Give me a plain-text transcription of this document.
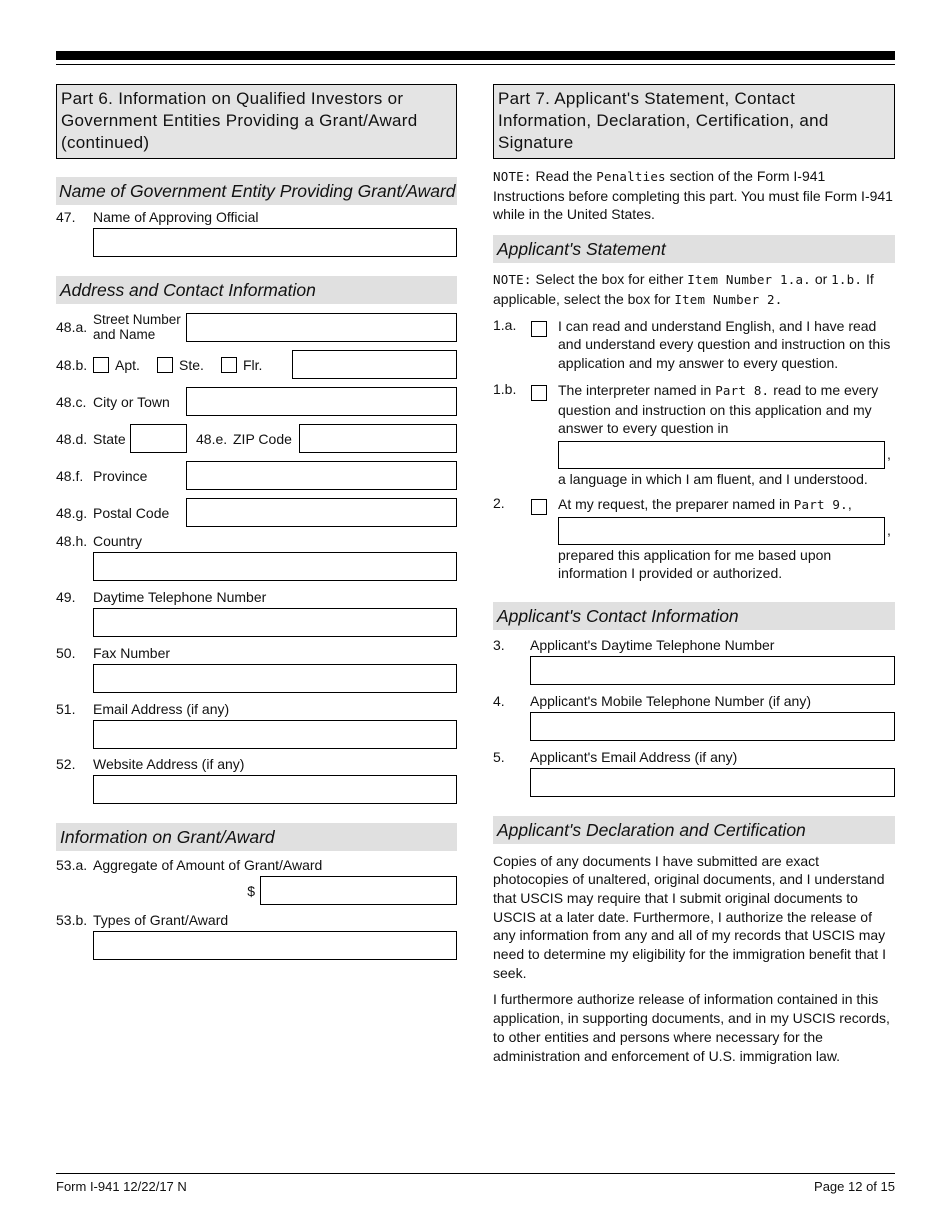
Part 6. Information on Qualified Investors or Government Entities Providing a Grant/Award (continued)
Name of Government Entity Providing Grant/Award
47.	Name of Approving Official
Address and Contact Information
48.a. Street Number
and Name
48.b.	Apt.	Ste.	Flr.
48.c. City or Town
48.d. State	48.e. ZIP Code
48.f. Province
48.g. Postal Code
48.h. Country
49.	Daytime Telephone Number
50.	Fax Number
51.	Email Address (if any)
52.	Website Address (if any)
Information on Grant/Award
53.a. Aggregate of Amount of Grant/Award
$
53.b. Types of Grant/Award
Part 7. Applicant's Statement, Contact Information, Declaration, Certification, and Signature

NOTE: Read the Penalties section of the Form I-941 Instructions before completing this part. You must file Form I-941 while in the United States.

Applicant's Statement

NOTE: Select the box for either Item Number 1.a. or 1.b. If applicable, select the box for Item Number 2.

1.a.	I can read and understand English, and I have read and understand every question and instruction on this application and my answer to every question.
1.b.	The interpreter named in Part 8. read to me every question and instruction on this application and my answer to every question in
,
a language in which I am fluent, and I understood.
2.	At my request, the preparer named in Part 9.,
,
prepared this application for me based upon information I provided or authorized.
Applicant's Contact Information
3.	Applicant's Daytime Telephone Number
4.	Applicant's Mobile Telephone Number (if any)
5.	Applicant's Email Address (if any)
Applicant's Declaration and Certification

Copies of any documents I have submitted are exact photocopies of unaltered, original documents, and I understand that USCIS may require that I submit original documents to USCIS at a later date. Furthermore, I authorize the release of any information from any and all of my records that USCIS may need to determine my eligibility for the immigration benefit that I seek.

I furthermore authorize release of information contained in this application, in supporting documents, and in my USCIS records, to other entities and persons where necessary for the administration and enforcement of U.S. immigration law.

Form I-941 12/22/17 N	Page 12 of 15
